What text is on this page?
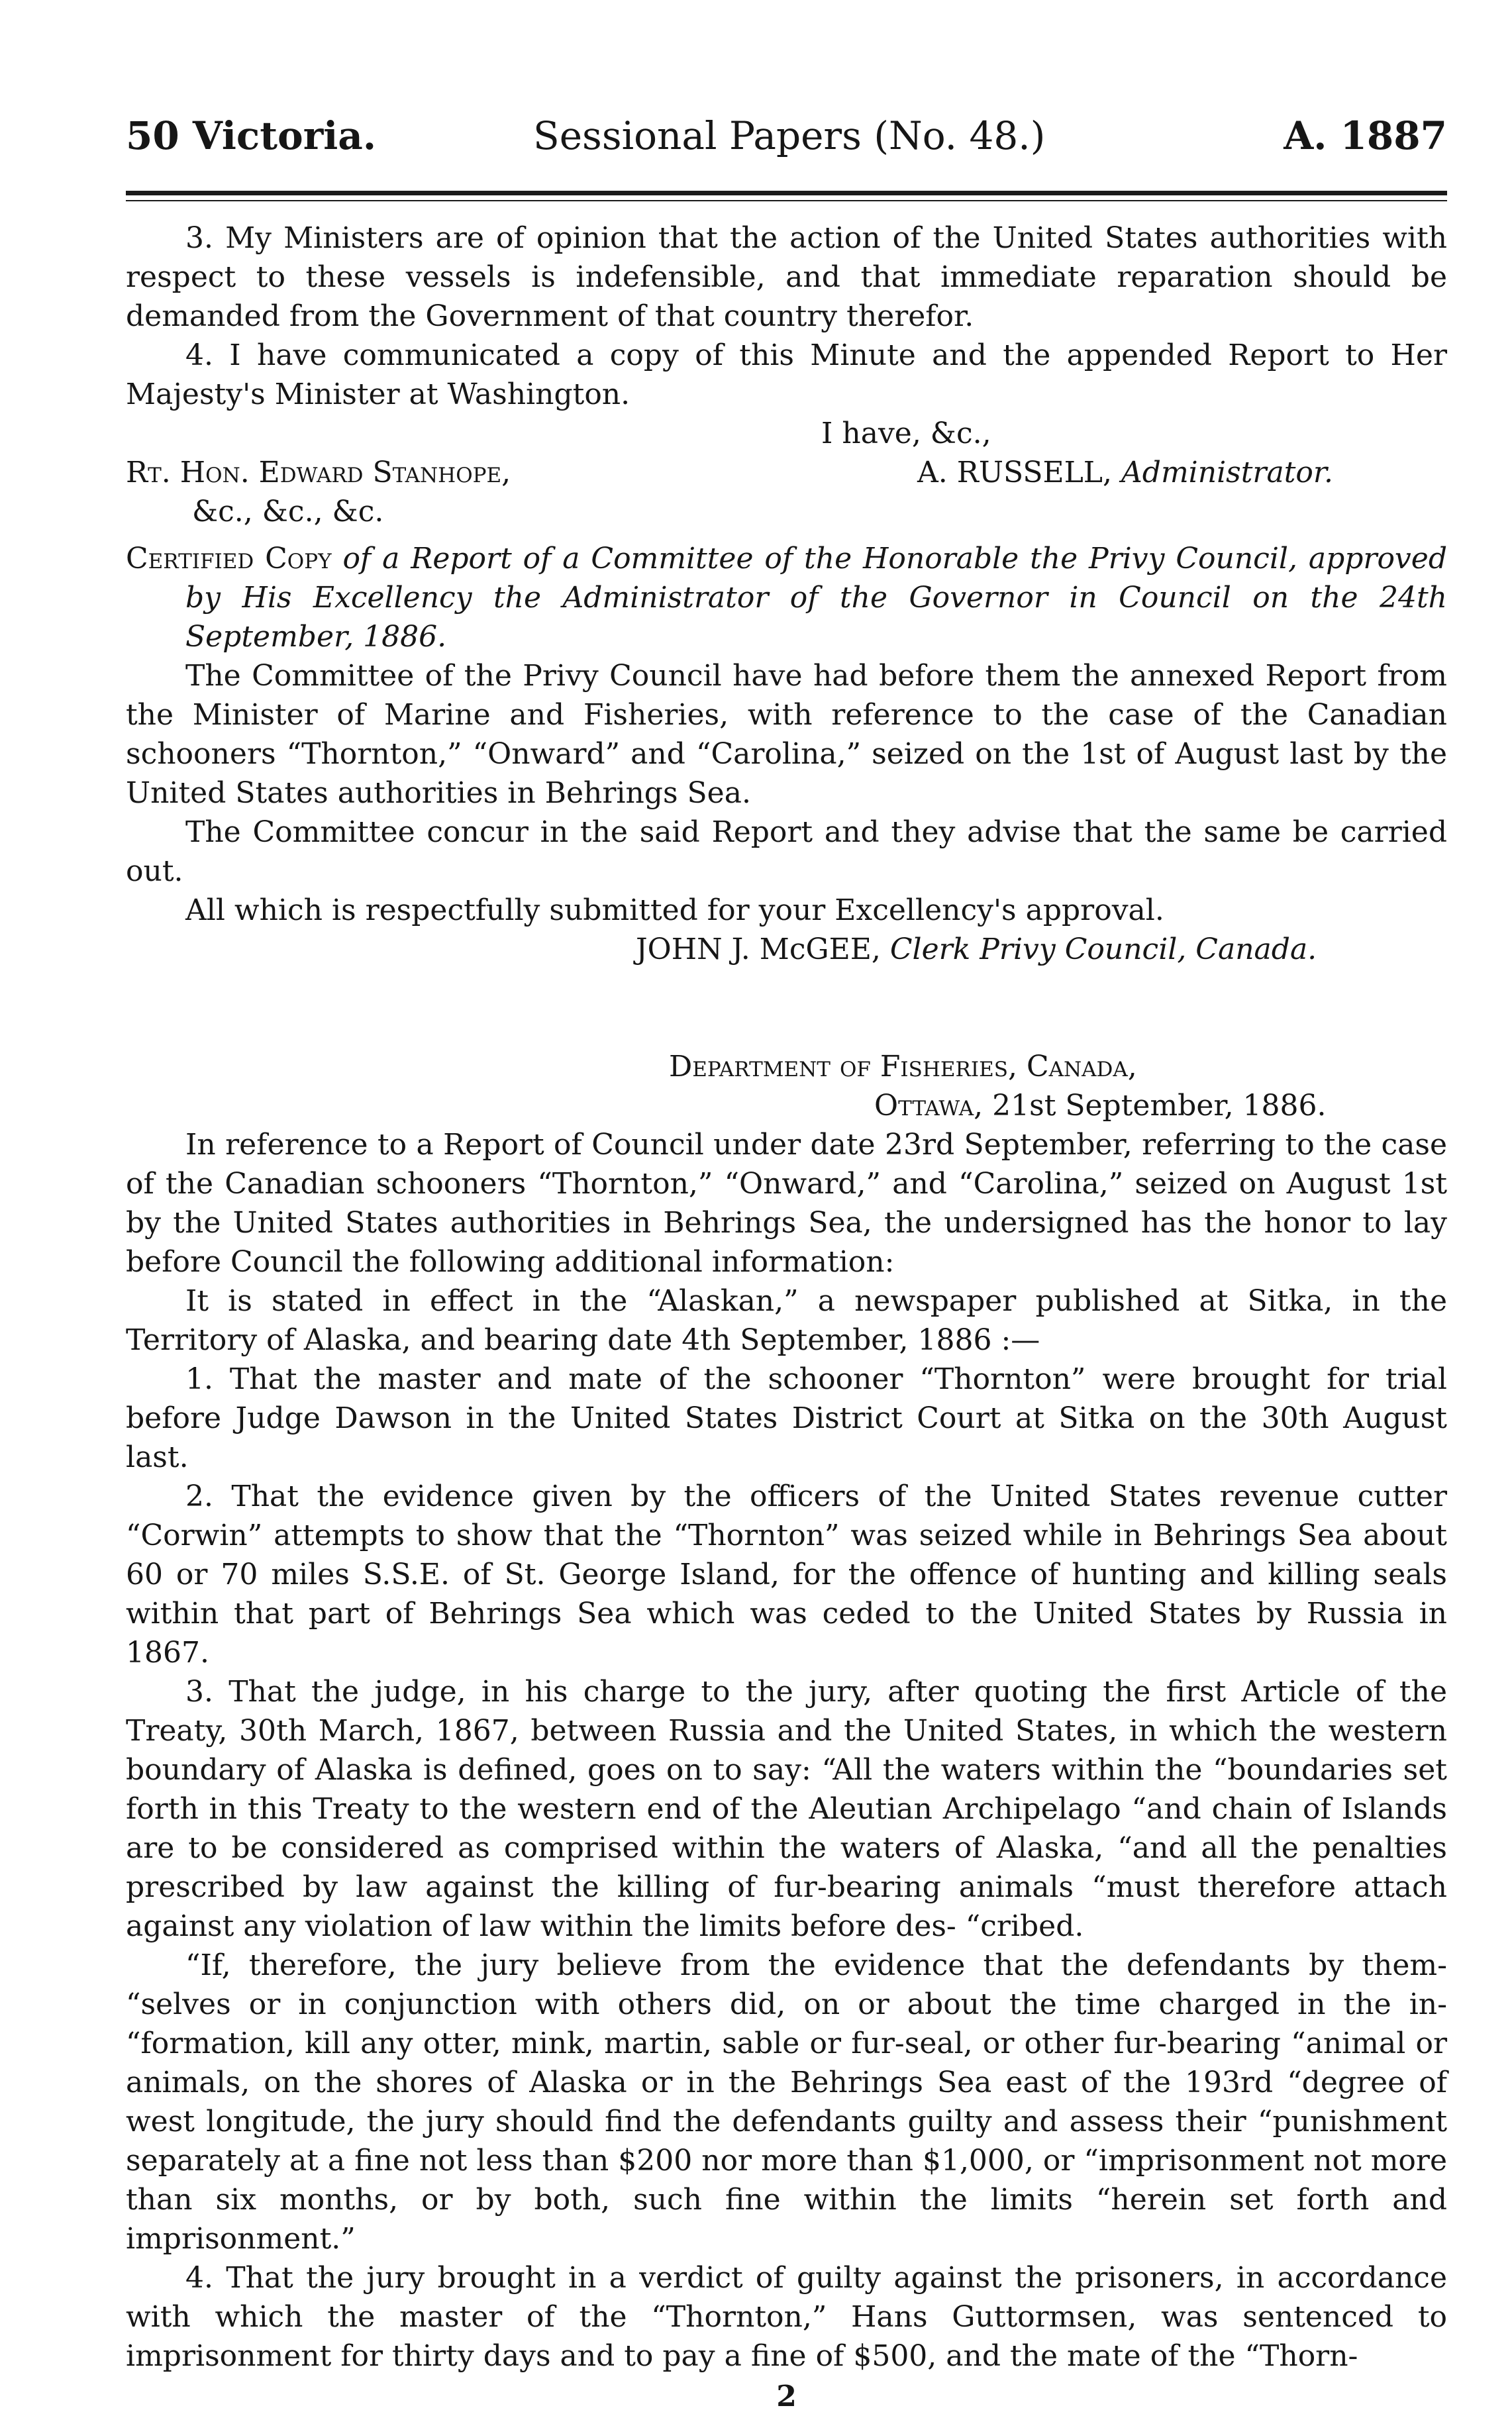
50 Victoria.	Sessional Papers (No. 48.)	A. 1887

3. My Ministers are of opinion that the action of the United States authorities with respect to these vessels is indefensible, and that immediate reparation should be demanded from the Government of that country therefor.

4. I have communicated a copy of this Minute and the appended Report to Her Majesty's Minister at Washington.

I have, &c.,

Rt. Hon. Edward Stanhope,	A. RUSSELL, Administrator.

&c., &c., &c.

Certified Copy of a Report of a Committee of the Honorable the Privy Council, approved by His Excellency the Administrator of the Governor in Council on the 24th September, 1886.

The Committee of the Privy Council have had before them the annexed Report from the Minister of Marine and Fisheries, with reference to the case of the Canadian schooners “Thornton,” “Onward” and “Carolina,” seized on the 1st of August last by the United States authorities in Behrings Sea.

The Committee concur in the said Report and they advise that the same be carried out.

All which is respectfully submitted for your Excellency's approval.

JOHN J. McGEE, Clerk Privy Council, Canada.

Department of Fisheries, Canada,

Ottawa, 21st September, 1886.

In reference to a Report of Council under date 23rd September, referring to the case of the Canadian schooners “Thornton,” “Onward,” and “Carolina,” seized on August 1st by the United States authorities in Behrings Sea, the undersigned has the honor to lay before Council the following additional information:

It is stated in effect in the “Alaskan,” a newspaper published at Sitka, in the Territory of Alaska, and bearing date 4th September, 1886 :—

1. That the master and mate of the schooner “Thornton” were brought for trial before Judge Dawson in the United States District Court at Sitka on the 30th August last.

2. That the evidence given by the officers of the United States revenue cutter “Corwin” attempts to show that the “Thornton” was seized while in Behrings Sea about 60 or 70 miles S.S.E. of St. George Island, for the offence of hunting and killing seals within that part of Behrings Sea which was ceded to the United States by Russia in 1867.

3. That the judge, in his charge to the jury, after quoting the first Article of the Treaty, 30th March, 1867, between Russia and the United States, in which the western boundary of Alaska is defined, goes on to say: “All the waters within the “boundaries set forth in this Treaty to the western end of the Aleutian Archipelago “and chain of Islands are to be considered as comprised within the waters of Alaska, “and all the penalties prescribed by law against the killing of fur-bearing animals “must therefore attach against any violation of law within the limits before des- “cribed.

“If, therefore, the jury believe from the evidence that the defendants by them- “selves or in conjunction with others did, on or about the time charged in the in- “formation, kill any otter, mink, martin, sable or fur-seal, or other fur-bearing “animal or animals, on the shores of Alaska or in the Behrings Sea east of the 193rd “degree of west longitude, the jury should find the defendants guilty and assess their “punishment separately at a fine not less than $200 nor more than $1,000, or “imprisonment not more than six months, or by both, such fine within the limits “herein set forth and imprisonment.”

4. That the jury brought in a verdict of guilty against the prisoners, in accordance with which the master of the “Thornton,” Hans Guttormsen, was sentenced to imprisonment for thirty days and to pay a fine of $500, and the mate of the “Thorn-

2
